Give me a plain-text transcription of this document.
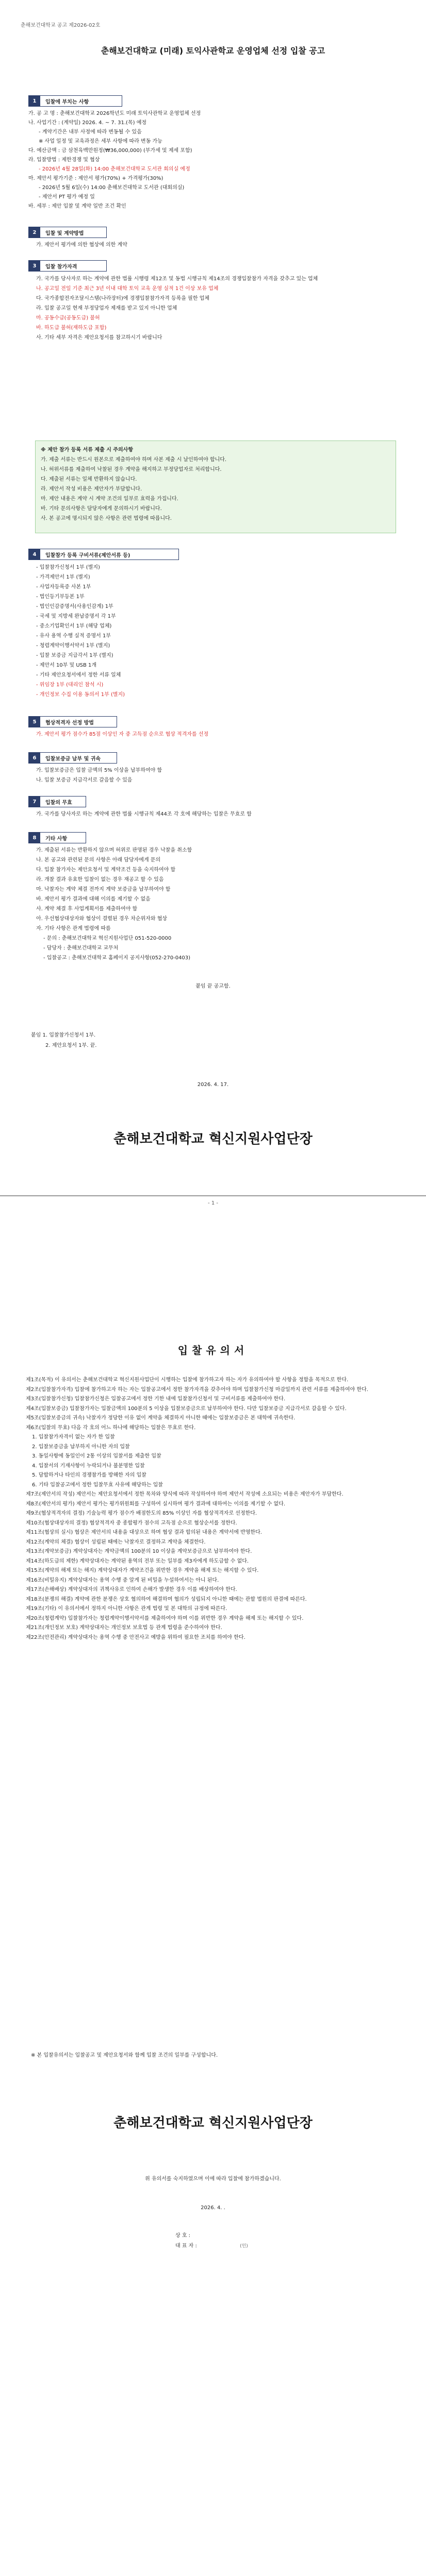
춘해보건대학교 공고 제2026-02호
춘해보건대학교 (미래) 토익사관학교 운영업체 선정 입찰 공고
1	입찰에 부치는 사항
가. 공 고 명 : 춘해보건대학교 2026학년도 미래 토익사관학교 운영업체 선정
나. 사업기간 : (계약일) 2026. 4. ~ 7. 31.(목) 예정
- 계약기간은 내부 사정에 따라 변동될 수 있음
※ 사업 일정 및 교육과정은 세부 사항에 따라 변동 가능
다. 예산금액 : 금 삼천육백만원정(₩36,000,000) (부가세 및 제세 포함)
라. 입찰방법 : 제한경쟁 및 협상
- 2026년 4월 28일(화) 14:00 춘해보건대학교 도서관 회의실 예정
마. 제안서 평가기준 : 제안서 평가(70%) + 가격평가(30%)
- 2026년 5월 6일(수) 14:00 춘해보건대학교 도서관 (대회의실)
- 제안서 PT 평가 예정 일
바. 세부 : 제안 입찰 및 계약 일반 조건 확인
2	입찰 및 계약방법
가. 제안서 평가에 의한 협상에 의한 계약
3	입찰 참가자격
가. 국가를 당사자로 하는 계약에 관한 법률 시행령 제12조 및 동법 시행규칙 제14조의 경쟁입찰참가 자격을 갖추고 있는 업체
나. 공고일 전일 기준 최근 3년 이내 대학 토익 교육 운영 실적 1건 이상 보유 업체
다. 국가종합전자조달시스템(나라장터)에 경쟁입찰참가자격 등록을 필한 업체
라. 입찰 공고일 현재 부정당업자 제재를 받고 있지 아니한 업체
마. 공동수급(공동도급) 불허
바. 하도급 불허(재하도급 포함)
사. 기타 세부 자격은 제안요청서를 참고하시기 바랍니다
※ 제안 참가 등록 서류 제출 시 주의사항
가. 제출 서류는 반드시 원본으로 제출하여야 하며 사본 제출 시 날인하여야 합니다.
나. 허위서류를 제출하여 낙찰된 경우 계약을 해지하고 부정당업자로 처리합니다.
다. 제출된 서류는 일체 반환하지 않습니다.
라. 제안서 작성 비용은 제안자가 부담합니다.
마. 제안 내용은 계약 시 계약 조건의 일부로 효력을 가집니다.
바. 기타 문의사항은 담당자에게 문의하시기 바랍니다.
사. 본 공고에 명시되지 않은 사항은 관련 법령에 따릅니다.
4	입찰참가 등록 구비서류(제안서류 등)
- 입찰참가신청서 1부 (별지)
- 가격제안서 1부 (별지)
- 사업자등록증 사본 1부
- 법인등기부등본 1부
- 법인인감증명서(사용인감계) 1부
- 국세 및 지방세 완납증명서 각 1부
- 중소기업확인서 1부 (해당 업체)
- 유사 용역 수행 실적 증명서 1부
- 청렴계약이행서약서 1부 (별지)
- 입찰 보증금 지급각서 1부 (별지)
- 제안서 10부 및 USB 1개
- 기타 제안요청서에서 정한 서류 일체
- 위임장 1부 (대리인 참석 시)
- 개인정보 수집 이용 동의서 1부 (별지)
5	협상적격자 선정 방법
가. 제안서 평가 점수가 85점 이상인 자 중 고득점 순으로 협상 적격자를 선정
6	입찰보증금 납부 및 귀속
가. 입찰보증금은 입찰 금액의 5% 이상을 납부하여야 함
나. 입찰 보증금 지급각서로 갈음할 수 있음
7	입찰의 무효
가. 국가를 당사자로 하는 계약에 관한 법률 시행규칙 제44조 각 호에 해당하는 입찰은 무효로 함
8	기타 사항
가. 제출된 서류는 반환하지 않으며 허위로 판명된 경우 낙찰을 취소함
나. 본 공고와 관련된 문의 사항은 아래 담당자에게 문의
다. 입찰 참가자는 제안요청서 및 계약조건 등을 숙지하여야 함
라. 개찰 결과 유효한 입찰이 없는 경우 재공고 할 수 있음
마. 낙찰자는 계약 체결 전까지 계약 보증금을 납부하여야 함
바. 제안서 평가 결과에 대해 이의를 제기할 수 없음
사. 계약 체결 후 사업계획서를 제출하여야 함
아. 우선협상대상자와 협상이 결렬된 경우 차순위자와 협상
자. 기타 사항은 관계 법령에 따름
- 문의 : 춘해보건대학교 혁신지원사업단 051-520-0000
- 담당자 : 춘해보건대학교 교무처
- 입찰공고 : 춘해보건대학교 홈페이지 공지사항(052-270-0403)
붙임 끝 공고함.
붙임 1. 입찰참가신청서 1부.
2. 제안요청서 1부. 끝.
2026. 4. 17.
춘해보건대학교 혁신지원사업단장
- 1 -
입찰유의서
제1조(목적) 이 유의서는 춘해보건대학교 혁신지원사업단이 시행하는 입찰에 참가하고자 하는 자가 유의하여야 할 사항을 정함을 목적으로 한다.
제2조(입찰참가자격) 입찰에 참가하고자 하는 자는 입찰공고에서 정한 참가자격을 갖추어야 하며 입찰참가신청 마감일까지 관련 서류를 제출하여야 한다.
제3조(입찰참가신청) 입찰참가신청은 입찰공고에서 정한 기한 내에 입찰참가신청서 및 구비서류를 제출하여야 한다.
제4조(입찰보증금) 입찰참가자는 입찰금액의 100분의 5 이상을 입찰보증금으로 납부하여야 한다. 다만 입찰보증금 지급각서로 갈음할 수 있다.
제5조(입찰보증금의 귀속) 낙찰자가 정당한 이유 없이 계약을 체결하지 아니한 때에는 입찰보증금은 본 대학에 귀속한다.
제6조(입찰의 무효) 다음 각 호의 어느 하나에 해당하는 입찰은 무효로 한다.
1. 입찰참가자격이 없는 자가 한 입찰
2. 입찰보증금을 납부하지 아니한 자의 입찰
3. 동일사항에 동일인이 2통 이상의 입찰서를 제출한 입찰
4. 입찰서의 기재사항이 누락되거나 불분명한 입찰
5. 담합하거나 타인의 경쟁참가를 방해한 자의 입찰
6. 기타 입찰공고에서 정한 입찰무효 사유에 해당하는 입찰
제7조(제안서의 작성) 제안서는 제안요청서에서 정한 목차와 양식에 따라 작성하여야 하며 제안서 작성에 소요되는 비용은 제안자가 부담한다.
제8조(제안서의 평가) 제안서 평가는 평가위원회를 구성하여 실시하며 평가 결과에 대하여는 이의를 제기할 수 없다.
제9조(협상적격자의 결정) 기술능력 평가 점수가 배점한도의 85% 이상인 자를 협상적격자로 선정한다.
제10조(협상대상자의 결정) 협상적격자 중 종합평가 점수의 고득점 순으로 협상순서를 정한다.
제11조(협상의 실시) 협상은 제안서의 내용을 대상으로 하며 협상 결과 합의된 내용은 계약서에 반영한다.
제12조(계약의 체결) 협상이 성립된 때에는 낙찰자로 결정하고 계약을 체결한다.
제13조(계약보증금) 계약상대자는 계약금액의 100분의 10 이상을 계약보증금으로 납부하여야 한다.
제14조(하도급의 제한) 계약상대자는 계약된 용역의 전부 또는 일부를 제3자에게 하도급할 수 없다.
제15조(계약의 해제 또는 해지) 계약상대자가 계약조건을 위반한 경우 계약을 해제 또는 해지할 수 있다.
제16조(비밀유지) 계약상대자는 용역 수행 중 알게 된 비밀을 누설하여서는 아니 된다.
제17조(손해배상) 계약상대자의 귀책사유로 인하여 손해가 발생한 경우 이를 배상하여야 한다.
제18조(분쟁의 해결) 계약에 관한 분쟁은 상호 협의하여 해결하며 협의가 성립되지 아니한 때에는 관할 법원의 판결에 따른다.
제19조(기타) 이 유의서에서 정하지 아니한 사항은 관계 법령 및 본 대학의 규정에 따른다.
제20조(청렴계약) 입찰참가자는 청렴계약이행서약서를 제출하여야 하며 이를 위반한 경우 계약을 해제 또는 해지할 수 있다.
제21조(개인정보 보호) 계약상대자는 개인정보 보호법 등 관계 법령을 준수하여야 한다.
제22조(안전관리) 계약상대자는 용역 수행 중 안전사고 예방을 위하여 필요한 조치를 하여야 한다.
※ 본 입찰유의서는 입찰공고 및 제안요청서와 함께 입찰 조건의 일부를 구성합니다.
춘해보건대학교 혁신지원사업단장
위 유의서를 숙지하였으며 이에 따라 입찰에 참가하겠습니다.
2026. 4. .
상 호 :
대 표 자 :	(인)
